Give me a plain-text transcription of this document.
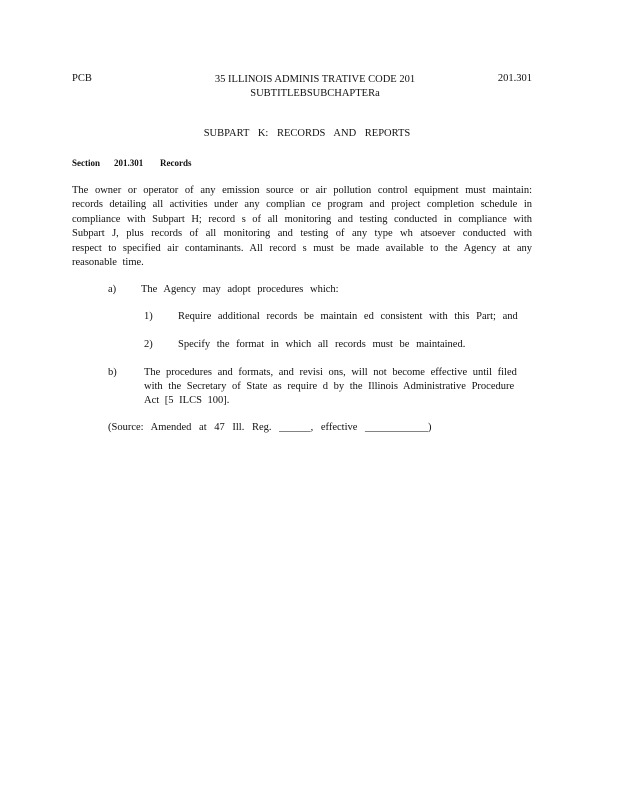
PCB	35 ILLINOIS ADMINIS TRATIVE CODE 201
SUBTITLEBSUBCHAPTERa
201.301
SUBPART K: RECORDS AND REPORTS
Section 201.301 Records
The owner or operator of any emission source or air pollution control equipment must maintain: records detailing all activities under any complian ce program and project completion schedule in compliance with Subpart H; record s of all monitoring and testing conducted in compliance with Subpart J, plus records of all monitoring and testing of any type wh atsoever conducted with respect to specified air contaminants. All record s must be made available to the Agency at any reasonable time.
a) The Agency may adopt procedures which:
1) Require additional records be maintain ed consistent with this Part; and
2) Specify the format in which all records must be maintained.
b)	The procedures and formats, and revisi ons, will not become effective until filed with the Secretary of State as require d by the Illinois Administrative Procedure Act [5 ILCS 100].
(Source: Amended at 47 Ill. Reg. ______, effective ____________)
